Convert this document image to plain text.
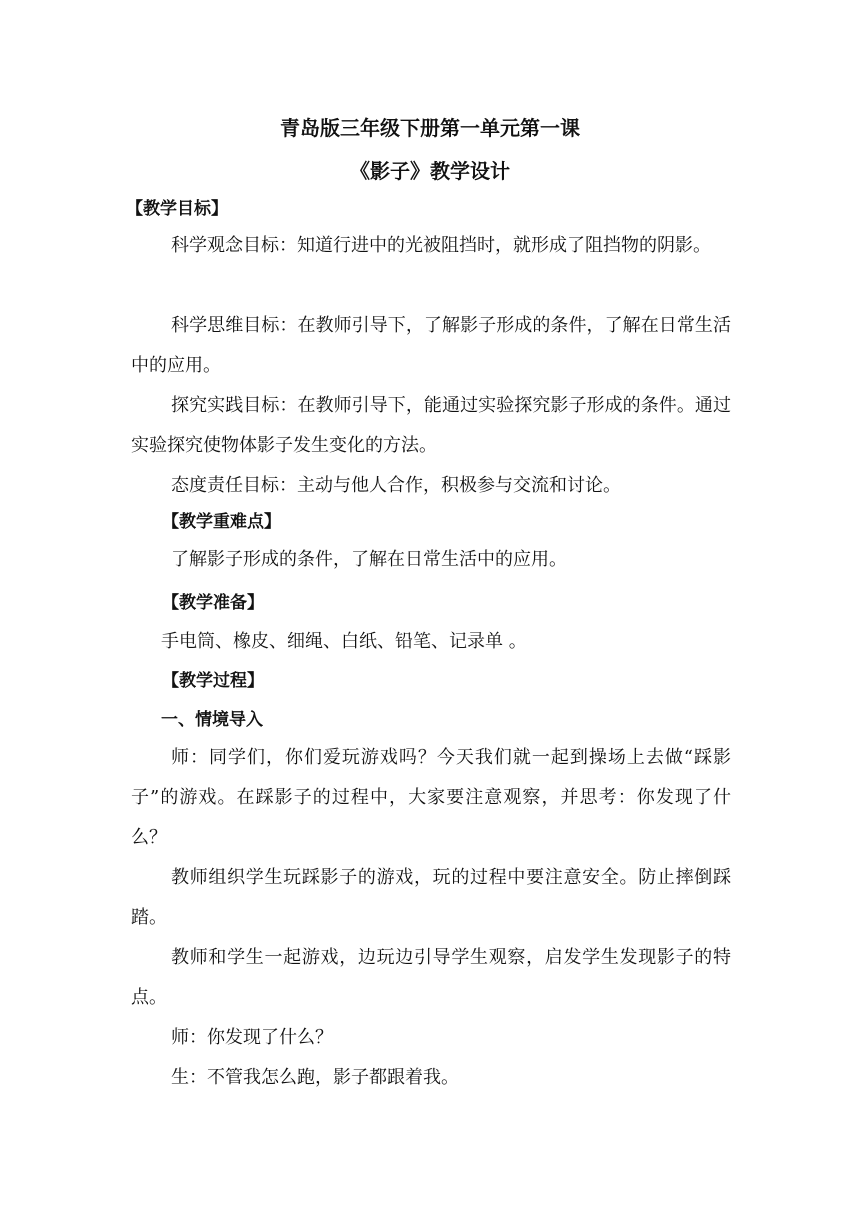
青岛版三年级下册第一单元第一课
《影子》教学设计
【教学目标】
科学观念目标：知道行进中的光被阻挡时，就形成了阻挡物的阴影。
科学思维目标：在教师引导下，了解影子形成的条件，了解在日常生活中的应用。
探究实践目标：在教师引导下，能通过实验探究影子形成的条件。通过实验探究使物体影子发生变化的方法。
态度责任目标：主动与他人合作，积极参与交流和讨论。
【教学重难点】
了解影子形成的条件，了解在日常生活中的应用。
【教学准备】
手电筒、橡皮、细绳、白纸、铅笔、记录单 。
【教学过程】
一、情境导入
师：同学们，你们爱玩游戏吗？今天我们就一起到操场上去做“踩影子”的游戏。在踩影子的过程中，大家要注意观察，并思考：你发现了什么？
教师组织学生玩踩影子的游戏，玩的过程中要注意安全。防止摔倒踩踏。
教师和学生一起游戏，边玩边引导学生观察，启发学生发现影子的特点。
师：你发现了什么？
生：不管我怎么跑，影子都跟着我。
